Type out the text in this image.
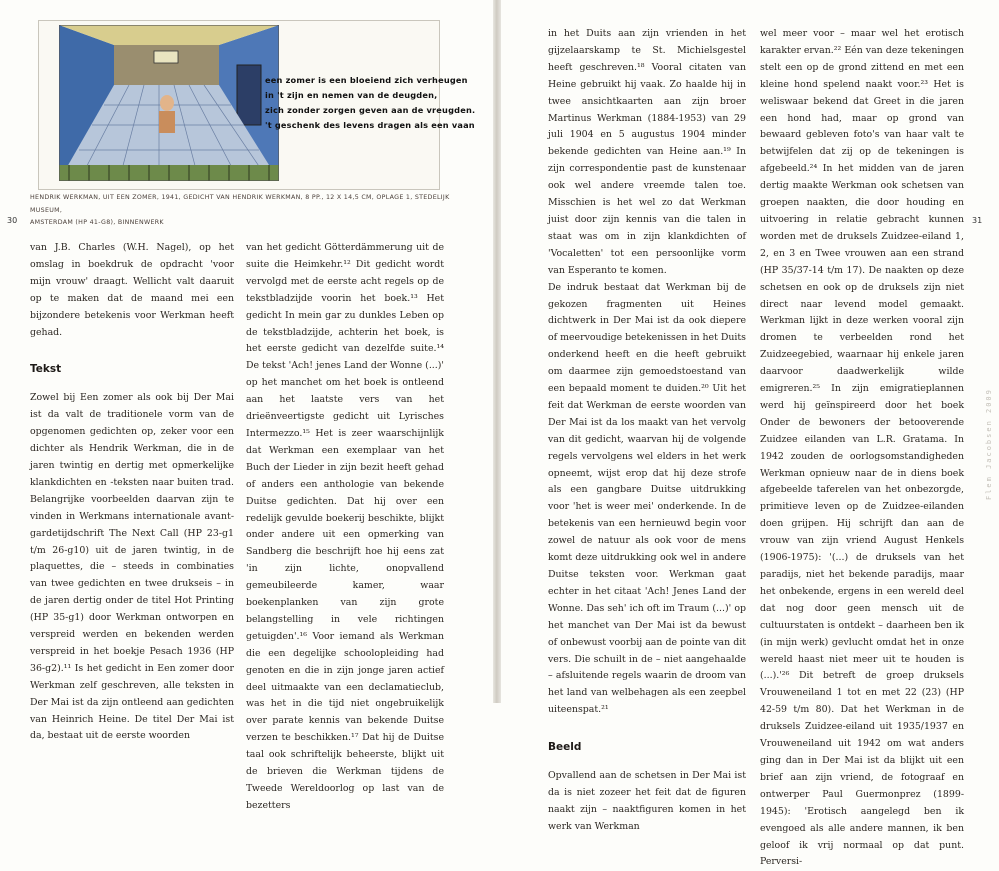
een zomer is een bloeiend zich verheugen
in 't zijn en nemen van de deugden,
zich zonder zorgen geven aan de vreugden.
't geschenk des levens dragen als een vaan
HENDRIK WERKMAN, UIT EEN ZOMER, 1941, GEDICHT VAN HENDRIK WERKMAN, 8 PP., 12 X 14,5 CM, OPLAGE 1, STEDELIJK MUSEUM,
AMSTERDAM (HP 41-G8), BINNENWERK
30	31

van J.B. Charles (W.H. Nagel), op het omslag in boekdruk de opdracht 'voor mijn vrouw' draagt. Wellicht valt daaruit op te maken dat de maand mei een bijzondere betekenis voor Werkman heeft gehad.

Tekst

Zowel bij Een zomer als ook bij Der Mai ist da valt de traditionele vorm van de opgenomen gedichten op, zeker voor een dichter als Hendrik Werkman, die in de jaren twintig en dertig met opmerkelijke klankdichten en -teksten naar buiten trad. Belangrijke voorbeelden daarvan zijn te vinden in Werkmans internationale avant-gardetijdschrift The Next Call (HP 23-g1 t/m 26-g10) uit de jaren twintig, in de plaquettes, die – steeds in combinaties van twee gedichten en twee drukseis – in de jaren dertig onder de titel Hot Printing (HP 35-g1) door Werkman ontworpen en verspreid werden en bekenden werden verspreid in het boekje Pesach 1936 (HP 36-g2).¹¹ Is het gedicht in Een zomer door Werkman zelf geschreven, alle teksten in Der Mai ist da zijn ontleend aan gedichten van Heinrich Heine. De titel Der Mai ist da, bestaat uit de eerste woorden

van het gedicht Götterdämmerung uit de suite die Heimkehr.¹² Dit gedicht wordt vervolgd met de eerste acht regels op de tekstbladzijde voorin het boek.¹³ Het gedicht In mein gar zu dunkles Leben op de tekstbladzijde, achterin het boek, is het eerste gedicht van dezelfde suite.¹⁴ De tekst 'Ach! jenes Land der Wonne (...)' op het manchet om het boek is ontleend aan het laatste vers van het drieënveertigste gedicht uit Lyrisches Intermezzo.¹⁵ Het is zeer waarschijnlijk dat Werkman een exemplaar van het Buch der Lieder in zijn bezit heeft gehad of anders een anthologie van bekende Duitse gedichten. Dat hij over een redelijk gevulde boekerij beschikte, blijkt onder andere uit een opmerking van Sandberg die beschrijft hoe hij eens zat 'in zijn lichte, onopvallend gemeubileerde kamer, waar boekenplanken van zijn grote belangstelling in vele richtingen getuigden'.¹⁶ Voor iemand als Werkman die een degelijke schoolopleiding had genoten en die in zijn jonge jaren actief deel uitmaakte van een declamatieclub, was het in die tijd niet ongebruikelijk over parate kennis van bekende Duitse verzen te beschikken.¹⁷ Dat hij de Duitse taal ook schriftelijk beheerste, blijkt uit de brieven die Werkman tijdens de Tweede Wereldoorlog op last van de bezetters

in het Duits aan zijn vrienden in het gijzelaarskamp te St. Michielsgestel heeft geschreven.¹⁸ Vooral citaten van Heine gebruikt hij vaak. Zo haalde hij in twee ansichtkaarten aan zijn broer Martinus Werkman (1884-1953) van 29 juli 1904 en 5 augustus 1904 minder bekende gedichten van Heine aan.¹⁹ In zijn correspondentie past de kunstenaar ook wel andere vreemde talen toe. Misschien is het wel zo dat Werkman juist door zijn kennis van die talen in staat was om in zijn klankdichten of 'Vocaletten' tot een persoonlijke vorm van Esperanto te komen.

De indruk bestaat dat Werkman bij de gekozen fragmenten uit Heines dichtwerk in Der Mai ist da ook diepere of meervoudige betekenissen in het Duits onderkend heeft en die heeft gebruikt om daarmee zijn gemoedstoestand van een bepaald moment te duiden.²⁰ Uit het feit dat Werkman de eerste woorden van Der Mai ist da los maakt van het vervolg van dit gedicht, waarvan hij de volgende regels vervolgens wel elders in het werk opneemt, wijst erop dat hij deze strofe als een gangbare Duitse uitdrukking voor 'het is weer mei' onderkende. In de betekenis van een hernieuwd begin voor zowel de natuur als ook voor de mens komt deze uitdrukking ook wel in andere Duitse teksten voor. Werkman gaat echter in het citaat 'Ach! Jenes Land der Wonne. Das seh' ich oft im Traum (...)' op het manchet van Der Mai ist da bewust of onbewust voorbij aan de pointe van dit vers. Die schuilt in de – niet aangehaalde – afsluitende regels waarin de droom van het land van welbehagen als een zeepbel uiteenspat.²¹

Beeld

Opvallend aan de schetsen in Der Mai ist da is niet zozeer het feit dat de figuren naakt zijn – naaktfiguren komen in het werk van Werkman

wel meer voor – maar wel het erotisch karakter ervan.²² Eén van deze tekeningen stelt een op de grond zittend en met een kleine hond spelend naakt voor.²³ Het is weliswaar bekend dat Greet in die jaren een hond had, maar op grond van bewaard gebleven foto's van haar valt te betwijfelen dat zij op de tekeningen is afgebeeld.²⁴ In het midden van de jaren dertig maakte Werkman ook schetsen van groepen naakten, die door houding en uitvoering in relatie gebracht kunnen worden met de druksels Zuidzee-eiland 1, 2, en 3 en Twee vrouwen aan een strand (HP 35/37-14 t/m 17). De naakten op deze schetsen en ook op de druksels zijn niet direct naar levend model gemaakt. Werkman lijkt in deze werken vooral zijn dromen te verbeelden rond het Zuidzeegebied, waarnaar hij enkele jaren daarvoor daadwerkelijk wilde emigreren.²⁵ In zijn emigratieplannen werd hij geïnspireerd door het boek Onder de bewoners der betooverende Zuidzee eilanden van L.R. Gratama. In 1942 zouden de oorlogsomstandigheden Werkman opnieuw naar de in diens boek afgebeelde taferelen van het onbezorgde, primitieve leven op de Zuidzee-eilanden doen grijpen. Hij schrijft dan aan de vrouw van zijn vriend August Henkels (1906-1975): '(...) de druksels van het paradijs, niet het bekende paradijs, maar het onbekende, ergens in een wereld deel dat nog door geen mensch uit de cultuurstaten is ontdekt – daarheen ben ik (in mijn werk) gevlucht omdat het in onze wereld haast niet meer uit te houden is (...).'²⁶ Dit betreft de groep druksels Vrouweneiland 1 tot en met 22 (23) (HP 42-59 t/m 80). Dat het Werkman in de druksels Zuidzee-eiland uit 1935/1937 en Vrouweneiland uit 1942 om wat anders ging dan in Der Mai ist da blijkt uit een brief aan zijn vriend, de fotograaf en ontwerper Paul Guermonprez (1899-1945): 'Erotisch aangelegd ben ik evengoed als alle andere mannen, ik ben geloof ik vrij normaal op dat punt. Perversi-

Flem Jacobsen 2009
